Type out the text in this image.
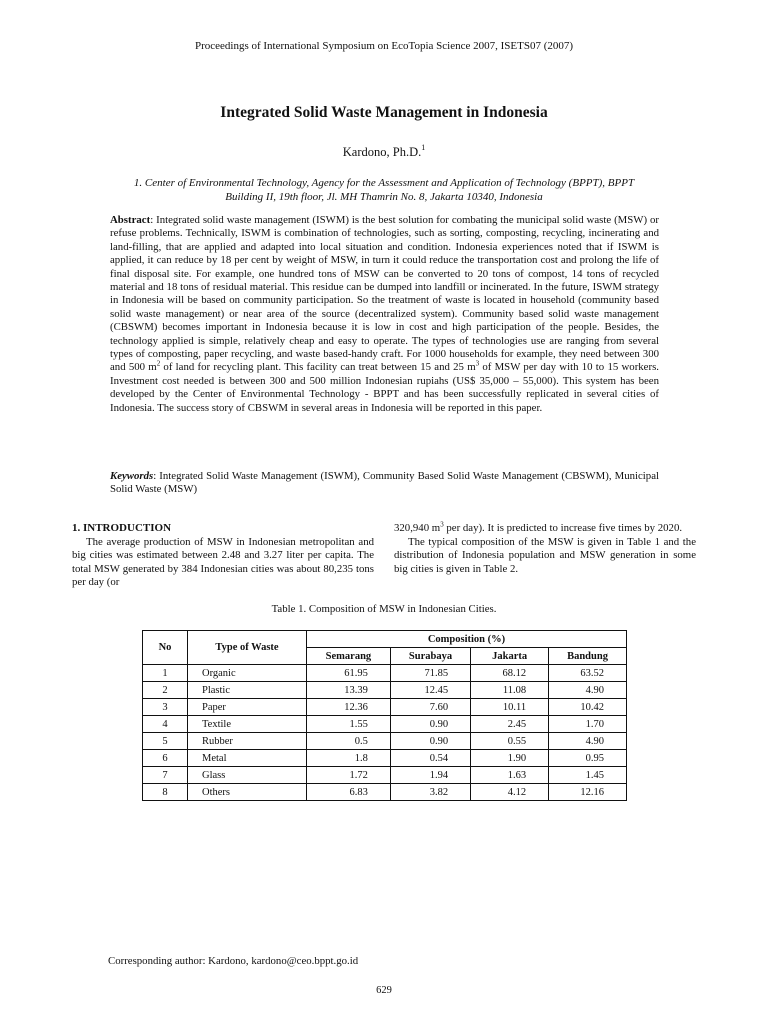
Proceedings of International Symposium on EcoTopia Science 2007, ISETS07 (2007)
Integrated Solid Waste Management in Indonesia
Kardono, Ph.D.$^1$
1. Center of Environmental Technology, Agency for the Assessment and Application of Technology (BPPT), BPPT Building II, 19th floor, Jl. MH Thamrin No. 8, Jakarta 10340, Indonesia

Abstract: Integrated solid waste management (ISWM) is the best solution for combating the municipal solid waste (MSW) or refuse problems. Technically, ISWM is combination of technologies, such as sorting, composting, recycling, incinerating and land-filling, that are applied and adapted into local situation and condition. Indonesia experiences noted that if ISWM is applied, it can reduce by 18 per cent by weight of MSW, in turn it could reduce the transportation cost and prolong the life of final disposal site. For example, one hundred tons of MSW can be converted to 20 tons of compost, 14 tons of recycled material and 18 tons of residual material. This residue can be dumped into landfill or incinerated. In the future, ISWM strategy in Indonesia will be based on community participation. So the treatment of waste is located in household (community based solid waste management) or near area of the source (decentralized system). Community based solid waste management (CBSWM) becomes important in Indonesia because it is low in cost and high participation of the people. Besides, the technology applied is simple, relatively cheap and easy to operate. The types of technologies use are ranging from several types of composting, paper recycling, and waste based-handy craft. For 1000 households for example, they need between 300 and 500 $m^2$ of land for recycling plant. This facility can treat between 15 and 25 $m^3$ of MSW per day with 10 to 15 workers. Investment cost needed is between 300 and 500 million Indonesian rupiahs (US$ 35,000 – 55,000). This system has been developed by the Center of Environmental Technology - BPPT and has been successfully replicated in several cities of Indonesia. The success story of CBSWM in several areas in Indonesia will be reported in this paper.

Keywords: Integrated Solid Waste Management (ISWM), Community Based Solid Waste Management (CBSWM), Municipal Solid Waste (MSW)

1. INTRODUCTION

The average production of MSW in Indonesian metropolitan and big cities was estimated between 2.48 and 3.27 liter per capita. The total MSW generated by 384 Indonesian cities was about 80,235 tons per day (or

320,940 $m^3$ per day). It is predicted to increase five times by 2020.

The typical composition of the MSW is given in Table 1 and the distribution of Indonesia population and MSW generation in some big cities is given in Table 2.

Table 1. Composition of MSW in Indonesian Cities.
No	Type of Waste	Composition (%)			
		Semarang	Surabaya	Jakarta	Bandung
1	Organic	61.95	71.85	68.12	63.52
2	Plastic	13.39	12.45	11.08	4.90
3	Paper	12.36	7.60	10.11	10.42
4	Textile	1.55	0.90	2.45	1.70
5	Rubber	0.5	0.90	0.55	4.90
6	Metal	1.8	0.54	1.90	0.95
7	Glass	1.72	1.94	1.63	1.45
8	Others	6.83	3.82	4.12	12.16
Corresponding author: Kardono, kardono@ceo.bppt.go.id
629
